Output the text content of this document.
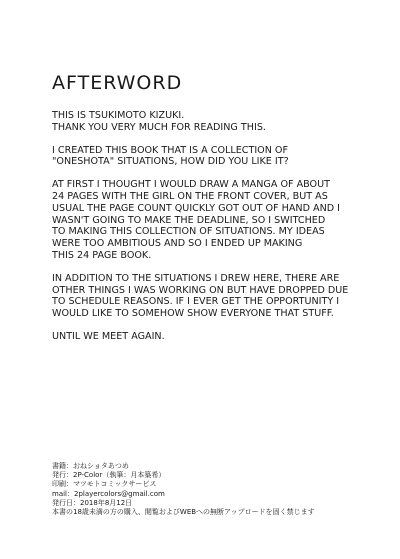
AFTERWORD

THIS IS TSUKIMOTO KIZUKI.
THANK YOU VERY MUCH FOR READING THIS.

I CREATED THIS BOOK THAT IS A COLLECTION OF
"ONESHOTA" SITUATIONS, HOW DID YOU LIKE IT?

AT FIRST I THOUGHT I WOULD DRAW A MANGA OF ABOUT
24 PAGES WITH THE GIRL ON THE FRONT COVER, BUT AS
USUAL THE PAGE COUNT QUICKLY GOT OUT OF HAND AND I
WASN'T GOING TO MAKE THE DEADLINE, SO I SWITCHED
TO MAKING THIS COLLECTION OF SITUATIONS. MY IDEAS
WERE TOO AMBITIOUS AND SO I ENDED UP MAKING
THIS 24 PAGE BOOK.

IN ADDITION TO THE SITUATIONS I DREW HERE, THERE ARE
OTHER THINGS I WAS WORKING ON BUT HAVE DROPPED DUE
TO SCHEDULE REASONS. IF I EVER GET THE OPPORTUNITY I
WOULD LIKE TO SOMEHOW SHOW EVERYONE THAT STUFF.

UNTIL WE MEET AGAIN.

書籍：おねショタあつめ
発行：2P-Color（執筆：月本築希）
印刷：マツモトコミックサービス
mail：2playercolors@gmail.com
発行日：2018年8月12日
本書の18歳未満の方の購入、閲覧およびWEBへの無断アップロードを固く禁じます
